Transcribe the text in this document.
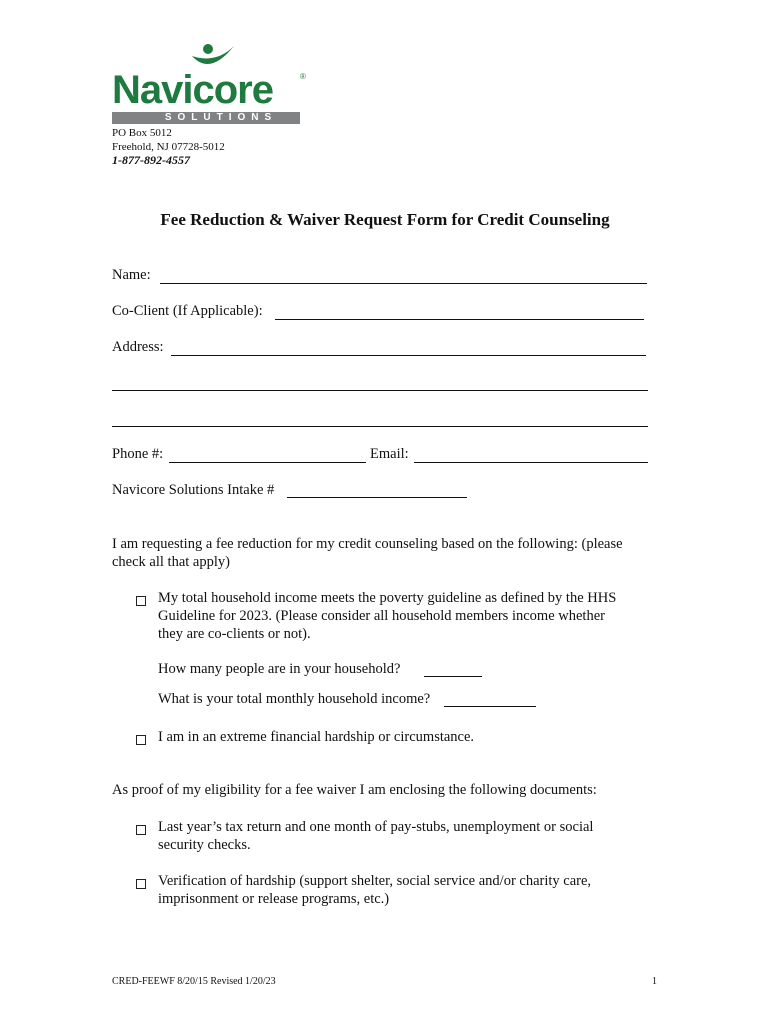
Navicore	®
SOLUTIONS
PO Box 5012
Freehold, NJ 07728-5012
1-877-892-4557
Fee Reduction & Waiver Request Form for Credit Counseling
Name:
Co-Client (If Applicable):
Address:
Phone #:	Email:
Navicore Solutions Intake #
I am requesting a fee reduction for my credit counseling based on the following: (please
check all that apply)
My total household income meets the poverty guideline as defined by the HHS
Guideline for 2023. (Please consider all household members income whether
they are co-clients or not).
How many people are in your household?
What is your total monthly household income?
I am in an extreme financial hardship or circumstance.
As proof of my eligibility for a fee waiver I am enclosing the following documents:
Last year’s tax return and one month of pay-stubs, unemployment or social
security checks.
Verification of hardship (support shelter, social service and/or charity care,
imprisonment or release programs, etc.)
CRED-FEEWF 8/20/15 Revised 1/20/23	1
